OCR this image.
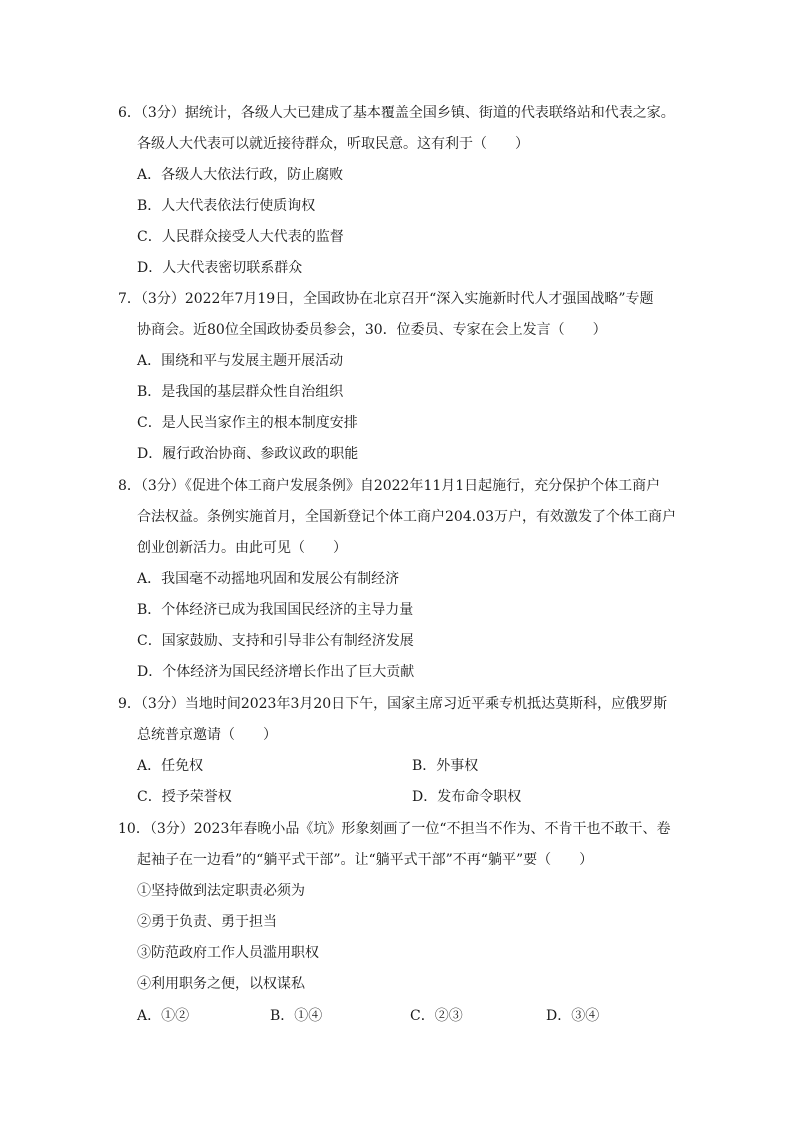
6．（3分）据统计，各级人大已建成了基本覆盖全国乡镇、街道的代表联络站和代表之家。
各级人大代表可以就近接待群众，听取民意。这有利于（　　）
A．各级人大依法行政，防止腐败
B．人大代表依法行使质询权
C．人民群众接受人大代表的监督
D．人大代表密切联系群众
7．（3分）2022年7月19日，全国政协在北京召开“深入实施新时代人才强国战略”专题
协商会。近80位全国政协委员参会，30．位委员、专家在会上发言（　　）
A．围绕和平与发展主题开展活动
B．是我国的基层群众性自治组织
C．是人民当家作主的根本制度安排
D．履行政治协商、参政议政的职能
8．（3分）《促进个体工商户发展条例》自2022年11月1日起施行，充分保护个体工商户
合法权益。条例实施首月，全国新登记个体工商户204.03万户，有效激发了个体工商户
创业创新活力。由此可见（　　）
A．我国毫不动摇地巩固和发展公有制经济
B．个体经济已成为我国国民经济的主导力量
C．国家鼓励、支持和引导非公有制经济发展
D．个体经济为国民经济增长作出了巨大贡献
9．（3分）当地时间2023年3月20日下午，国家主席习近平乘专机抵达莫斯科，应俄罗斯
总统普京邀请（　　）
A．任免权	B．外事权
C．授予荣誉权	D．发布命令职权
10．（3分）2023年春晚小品《坑》形象刻画了一位“不担当不作为、不肯干也不敢干、卷
起袖子在一边看”的“躺平式干部”。让“躺平式干部”不再“躺平”要（　　）
①坚持做到法定职责必须为
②勇于负责、勇于担当
③防范政府工作人员滥用职权
④利用职务之便，以权谋私
A．①②	B．①④	C．②③	D．③④
